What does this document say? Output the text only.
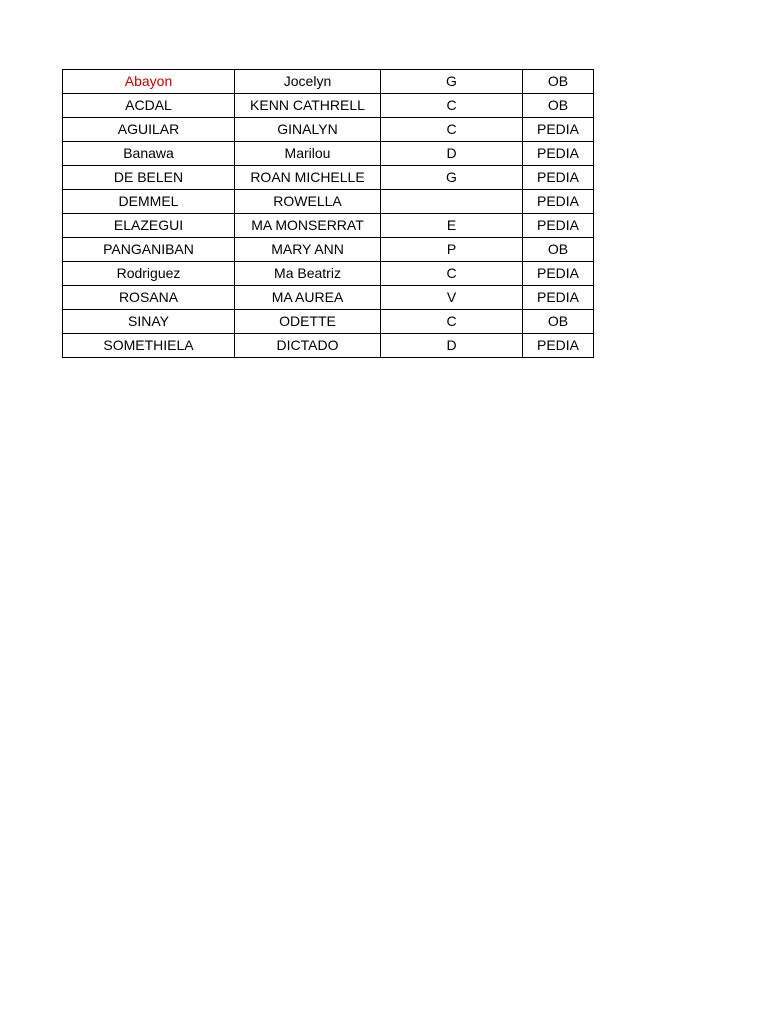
Abayon	Jocelyn	G	OB
ACDAL	KENN CATHRELL	C	OB
AGUILAR	GINALYN	C	PEDIA
Banawa	Marilou	D	PEDIA
DE BELEN	ROAN MICHELLE	G	PEDIA
DEMMEL	ROWELLA		PEDIA
ELAZEGUI	MA MONSERRAT	E	PEDIA
PANGANIBAN	MARY ANN	P	OB
Rodriguez	Ma Beatriz	C	PEDIA
ROSANA	MA AUREA	V	PEDIA
SINAY	ODETTE	C	OB
SOMETHIELA	DICTADO	D	PEDIA
